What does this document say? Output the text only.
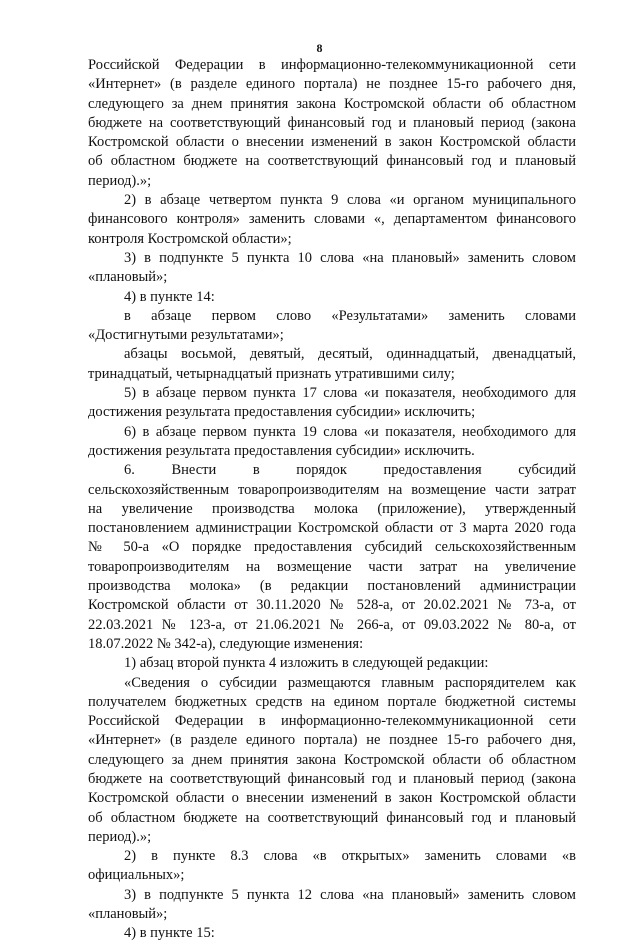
8
Российской Федерации в информационно-телекоммуникационной сети
«Интернет» (в разделе единого портала) не позднее 15-го рабочего дня,
следующего за днем принятия закона Костромской области об областном
бюджете на соответствующий финансовый год и плановый период (закона
Костромской области о внесении изменений в закон Костромской области
об областном бюджете на соответствующий финансовый год и плановый
период).»;
2) в абзаце четвертом пункта 9 слова «и органом муниципального
финансового контроля» заменить словами «, департаментом финансового
контроля Костромской области»;
3) в подпункте 5 пункта 10 слова «на плановый» заменить словом
«плановый»;
4) в пункте 14:
в абзаце первом слово «Результатами» заменить словами
«Достигнутыми результатами»;
абзацы восьмой, девятый, десятый, одиннадцатый, двенадцатый,
тринадцатый, четырнадцатый признать утратившими силу;
5) в абзаце первом пункта 17 слова «и показателя, необходимого для
достижения результата предоставления субсидии» исключить;
6) в абзаце первом пункта 19 слова «и показателя, необходимого для
достижения результата предоставления субсидии» исключить.
6. Внести в порядок предоставления субсидий
сельскохозяйственным товаропроизводителям на возмещение части затрат
на увеличение производства молока (приложение), утвержденный
постановлением администрации Костромской области от 3 марта 2020 года
№ 50-а «О порядке предоставления субсидий сельскохозяйственным
товаропроизводителям на возмещение части затрат на увеличение
производства молока» (в редакции постановлений администрации
Костромской области от 30.11.2020 № 528-а, от 20.02.2021 № 73-а, от
22.03.2021 № 123-а, от 21.06.2021 № 266-а, от 09.03.2022 № 80-а, от
18.07.2022 № 342-а), следующие изменения:
1) абзац второй пункта 4 изложить в следующей редакции:
«Сведения о субсидии размещаются главным распорядителем как
получателем бюджетных средств на едином портале бюджетной системы
Российской Федерации в информационно-телекоммуникационной сети
«Интернет» (в разделе единого портала) не позднее 15-го рабочего дня,
следующего за днем принятия закона Костромской области об областном
бюджете на соответствующий финансовый год и плановый период (закона
Костромской области о внесении изменений в закон Костромской области
об областном бюджете на соответствующий финансовый год и плановый
период).»;
2) в пункте 8.3 слова «в открытых» заменить словами «в
официальных»;
3) в подпункте 5 пункта 12 слова «на плановый» заменить словом
«плановый»;
4) в пункте 15:
